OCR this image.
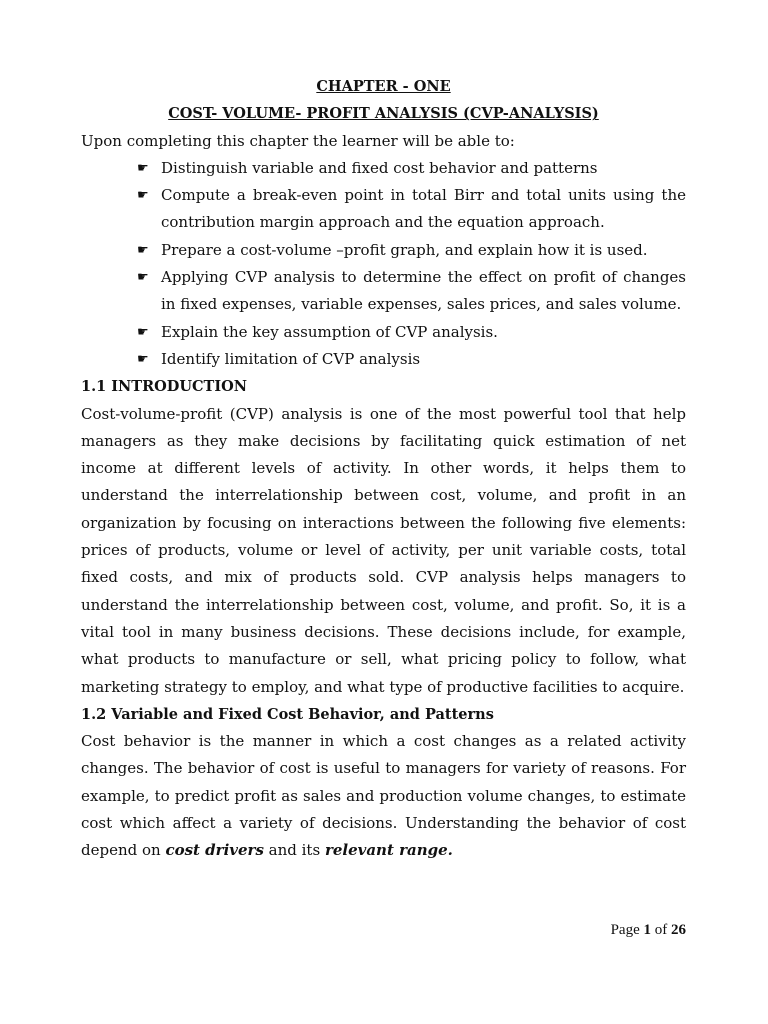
CHAPTER - ONE
COST- VOLUME- PROFIT ANALYSIS (CVP-ANALYSIS)

Upon completing this chapter the learner will be able to:

☛ Distinguish variable and fixed cost behavior and patterns
☛ Compute a break-even point in total Birr and total units using the contribution margin approach and the equation approach.
☛ Prepare a cost-volume –profit graph, and explain how it is used.
☛ Applying CVP analysis to determine the effect on profit of changes in fixed expenses, variable expenses, sales prices, and sales volume.
☛ Explain the key assumption of CVP analysis.
☛ Identify limitation of CVP analysis
1.1 INTRODUCTION

Cost-volume-profit (CVP) analysis is one of the most powerful tool that help managers as they make decisions by facilitating quick estimation of net income at different levels of activity. In other words, it helps them to understand the interrelationship between cost, volume, and profit in an organization by focusing on interactions between the following five elements: prices of products, volume or level of activity, per unit variable costs, total fixed costs, and mix of products sold. CVP analysis helps managers to understand the interrelationship between cost, volume, and profit. So, it is a vital tool in many business decisions. These decisions include, for example, what products to manufacture or sell, what pricing policy to follow, what marketing strategy to employ, and what type of productive facilities to acquire.

1.2 Variable and Fixed Cost Behavior, and Patterns

Cost behavior is the manner in which a cost changes as a related activity changes. The behavior of cost is useful to managers for variety of reasons. For example, to predict profit as sales and production volume changes, to estimate cost which affect a variety of decisions. Understanding the behavior of cost depend on cost drivers and its relevant range.

Page 1 of 26
